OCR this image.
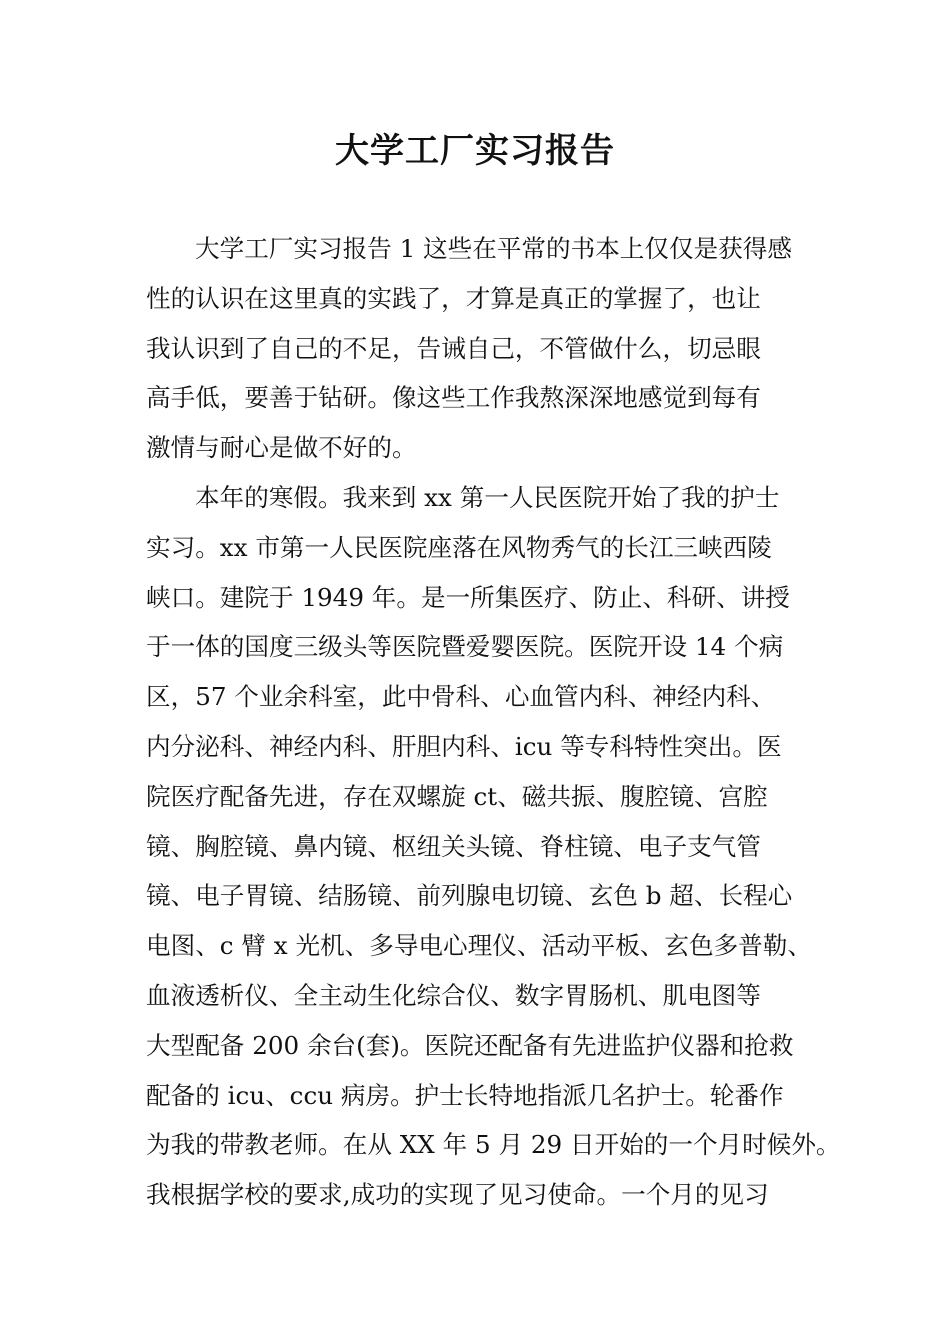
大学工厂实习报告
大学工厂实习报告 1 这些在平常的书本上仅仅是获得感
性的认识在这里真的实践了，才算是真正的掌握了，也让
我认识到了自己的不足，告诫自己，不管做什么，切忌眼
高手低，要善于钻研。像这些工作我熬深深地感觉到每有
激情与耐心是做不好的。
本年的寒假。我来到 xx 第一人民医院开始了我的护士
实习。xx 市第一人民医院座落在风物秀气的长江三峡西陵
峡口。建院于 1949 年。是一所集医疗、防止、科研、讲授
于一体的国度三级头等医院暨爱婴医院。医院开设 14 个病
区，57 个业余科室，此中骨科、心血管内科、神经内科、
内分泌科、神经内科、肝胆内科、icu 等专科特性突出。医
院医疗配备先进，存在双螺旋 ct、磁共振、腹腔镜、宫腔
镜、胸腔镜、鼻内镜、枢纽关头镜、脊柱镜、电子支气管
镜、电子胃镜、结肠镜、前列腺电切镜、玄色 b 超、长程心
电图、c 臂 x 光机、多导电心理仪、活动平板、玄色多普勒、
血液透析仪、全主动生化综合仪、数字胃肠机、肌电图等
大型配备 200 余台(套)。医院还配备有先进监护仪器和抢救
配备的 icu、ccu 病房。护士长特地指派几名护士。轮番作
为我的带教老师。在从 XX 年 5 月 29 日开始的一个月时候外。
我根据学校的要求,成功的实现了见习使命。一个月的见习
